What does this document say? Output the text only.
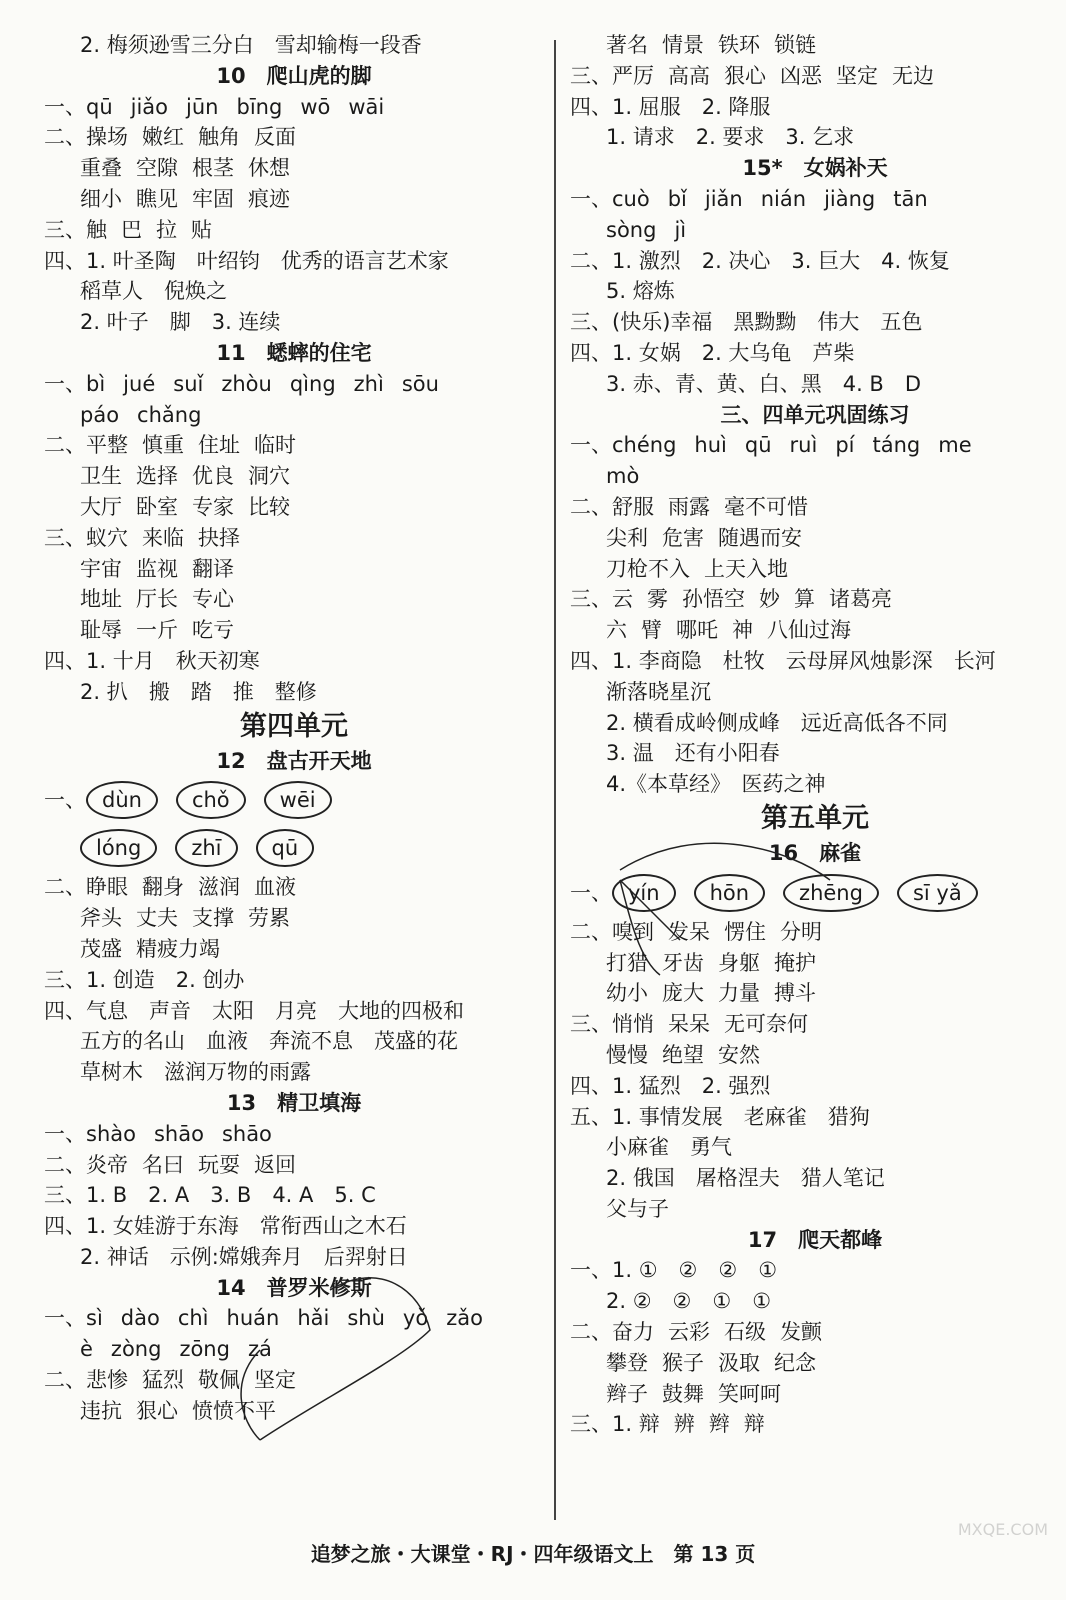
2. 梅须逊雪三分白　雪却输梅一段香
10　爬山虎的脚
一、qū jiǎo jūn bīng wō wāi
二、操场 嫩红 触角 反面
重叠 空隙 根茎 休想
细小 瞧见 牢固 痕迹
三、触 巴 拉 贴
四、1. 叶圣陶　叶绍钧　优秀的语言艺术家
稻草人　倪焕之
2. 叶子　脚　3. 连续
11　蟋蟀的住宅
一、bì jué suǐ zhòu qìng zhì sōu
páo chǎng
二、平整 慎重 住址 临时
卫生 选择 优良 洞穴
大厅 卧室 专家 比较
三、蚁穴 来临 抉择
宇宙 监视 翻译
地址 厅长 专心
耻辱 一斤 吃亏
四、1. 十月　秋天初寒
2. 扒　搬　踏　推　整修
第四单元
12　盘古开天地
一、 dùn chǒ wēi
lóng zhī qū
二、睁眼 翻身 滋润 血液
斧头 丈夫 支撑 劳累
茂盛 精疲力竭
三、1. 创造　2. 创办
四、气息　声音　太阳　月亮　大地的四极和
五方的名山　血液　奔流不息　茂盛的花
草树木　滋润万物的雨露
13　精卫填海
一、shào shāo shāo
二、炎帝 名曰 玩耍 返回
三、1. B　2. A　3. B　4. A　5. C
四、1. 女娃游于东海　常衔西山之木石
2. 神话　示例:嫦娥奔月　后羿射日
14　普罗米修斯
一、sì dào chì huán hǎi shù yǒ zǎo
è zòng zōng zá
二、悲惨 猛烈 敬佩 坚定
违抗 狠心 愤愤不平
著名 情景 铁环 锁链
三、严厉 高高 狠心 凶恶 坚定 无边
四、1. 屈服　2. 降服
1. 请求　2. 要求　3. 乞求
15*　女娲补天
一、cuò bǐ jiǎn nián jiàng tān
sòng jì
二、1. 激烈　2. 决心　3. 巨大　4. 恢复
5. 熔炼
三、(快乐)幸福　黑黝黝　伟大　五色
四、1. 女娲　2. 大乌龟　芦柴
3. 赤、青、黄、白、黑　4. B　D
三、四单元巩固练习
一、chéng huì qū ruì pí táng me
mò
二、舒服 雨露 毫不可惜
尖利 危害 随遇而安
刀枪不入 上天入地
三、云 雾 孙悟空 妙 算 诸葛亮
六 臂 哪吒 神 八仙过海
四、1. 李商隐　杜牧　云母屏风烛影深　长河
渐落晓星沉
2. 横看成岭侧成峰　远近高低各不同
3. 温　还有小阳春
4.《本草经》　医药之神
第五单元
16　麻雀
一、 yín hōn zhēng sī yǎ
二、嗅到 发呆 愣住 分明
打猎 牙齿 身躯 掩护
幼小 庞大 力量 搏斗
三、悄悄 呆呆 无可奈何
慢慢 绝望 安然
四、1. 猛烈　2. 强烈
五、1. 事情发展　老麻雀　猎狗
小麻雀　勇气
2. 俄国　屠格涅夫　猎人笔记
父与子
17　爬天都峰
一、1. ①　②　②　①
2. ②　②　①　①
二、奋力 云彩 石级 发颤
攀登 猴子 汲取 纪念
辫子 鼓舞 笑呵呵
三、1. 辩 辨 辫 辩
追梦之旅・大课堂・RJ・四年级语文上　第 13 页
MXQE.COM
